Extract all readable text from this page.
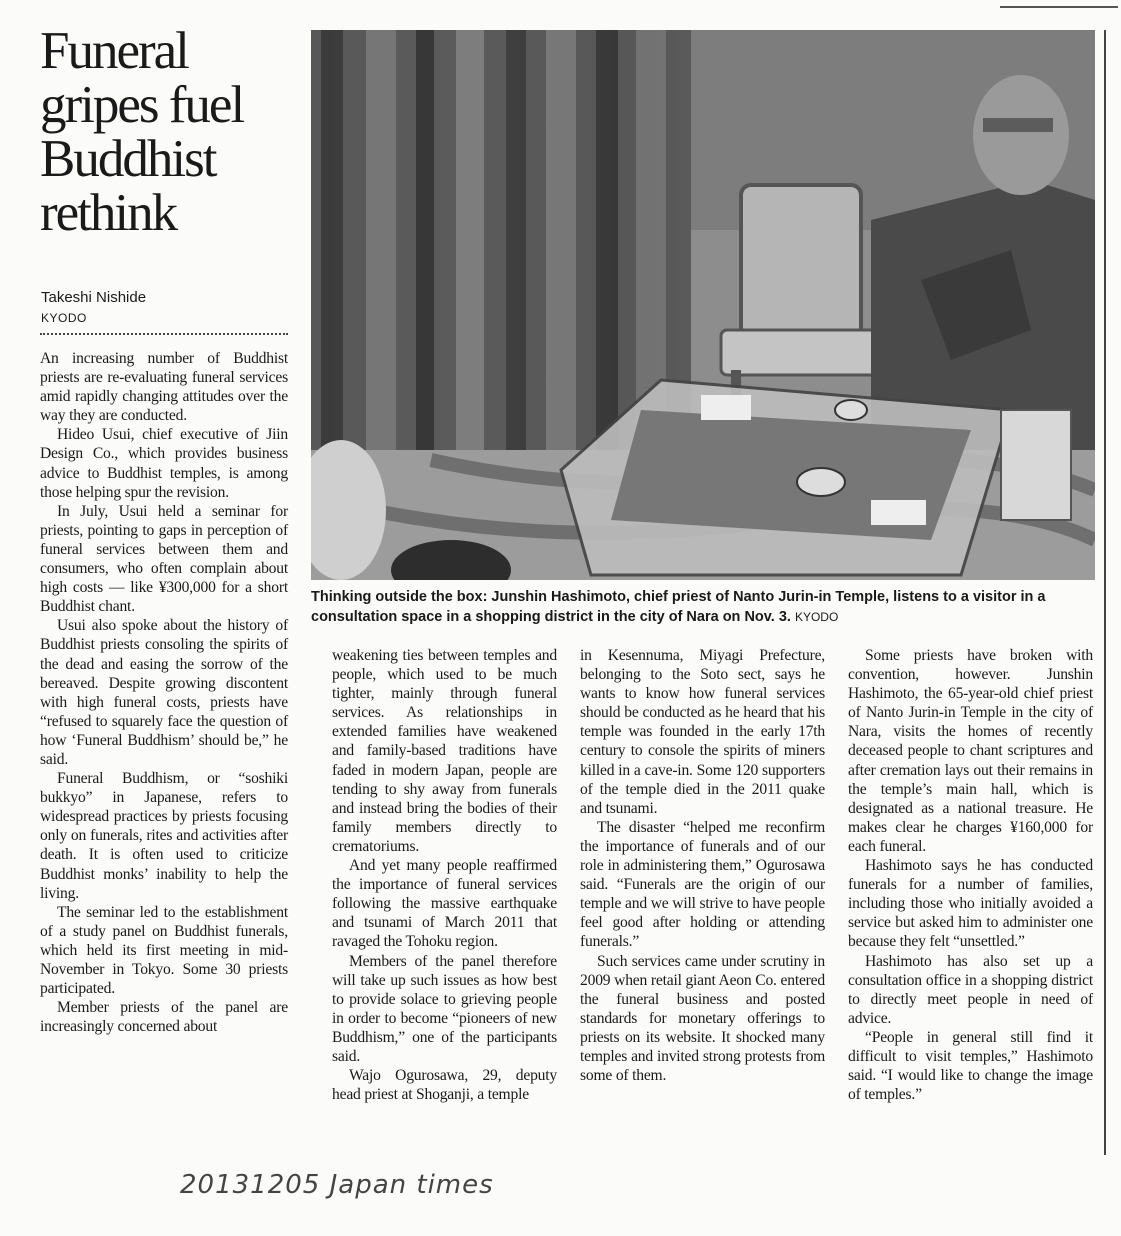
Funeral gripes fuel Buddhist rethink
Takeshi Nishide
KYODO
Thinking outside the box: Junshin Hashimoto, chief priest of Nanto Jurin-in Temple, listens to a visitor in a consultation space in a shopping district in the city of Nara on Nov. 3. KYODO

An increasing number of Buddhist priests are re-evaluating funeral services amid rapidly changing attitudes over the way they are conducted.

Hideo Usui, chief executive of Jiin Design Co., which provides business advice to Buddhist temples, is among those helping spur the revision.

In July, Usui held a seminar for priests, pointing to gaps in perception of funeral services between them and consumers, who often complain about high costs — like ¥300,000 for a short Buddhist chant.

Usui also spoke about the history of Buddhist priests consoling the spirits of the dead and easing the sorrow of the bereaved. Despite growing discontent with high funeral costs, priests have “refused to squarely face the question of how ‘Funeral Buddhism’ should be,” he said.

Funeral Buddhism, or “soshiki bukkyo” in Japanese, refers to widespread practices by priests focusing only on funerals, rites and activities after death. It is often used to criticize Buddhist monks’ inability to help the living.

The seminar led to the establishment of a study panel on Buddhist funerals, which held its first meeting in mid-November in Tokyo. Some 30 priests participated.

Member priests of the panel are increasingly concerned about

weakening ties between temples and people, which used to be much tighter, mainly through funeral services. As relationships in extended families have weakened and family-based traditions have faded in modern Japan, people are tending to shy away from funerals and instead bring the bodies of their family members directly to crematoriums.

And yet many people reaffirmed the importance of funeral services following the massive earthquake and tsunami of March 2011 that ravaged the Tohoku region.

Members of the panel therefore will take up such issues as how best to provide solace to grieving people in order to become “pioneers of new Buddhism,” one of the participants said.

Wajo Ogurosawa, 29, deputy head priest at Shoganji, a temple

in Kesennuma, Miyagi Prefecture, belonging to the Soto sect, says he wants to know how funeral services should be conducted as he heard that his temple was founded in the early 17th century to console the spirits of miners killed in a cave-in. Some 120 supporters of the temple died in the 2011 quake and tsunami.

The disaster “helped me reconfirm the importance of funerals and of our role in administering them,” Ogurosawa said. “Funerals are the origin of our temple and we will strive to have people feel good after holding or attending funerals.”

Such services came under scrutiny in 2009 when retail giant Aeon Co. entered the funeral business and posted standards for monetary offerings to priests on its website. It shocked many temples and invited strong protests from some of them.

Some priests have broken with convention, however. Junshin Hashimoto, the 65-year-old chief priest of Nanto Jurin-in Temple in the city of Nara, visits the homes of recently deceased people to chant scriptures and after cremation lays out their remains in the temple’s main hall, which is designated as a national treasure. He makes clear he charges ¥160,000 for each funeral.

Hashimoto says he has conducted funerals for a number of families, including those who initially avoided a service but asked him to administer one because they felt “unsettled.”

Hashimoto has also set up a consultation office in a shopping district to directly meet people in need of advice.

“People in general still find it difficult to visit temples,” Hashimoto said. “I would like to change the image of temples.”

20131205 Japan times
